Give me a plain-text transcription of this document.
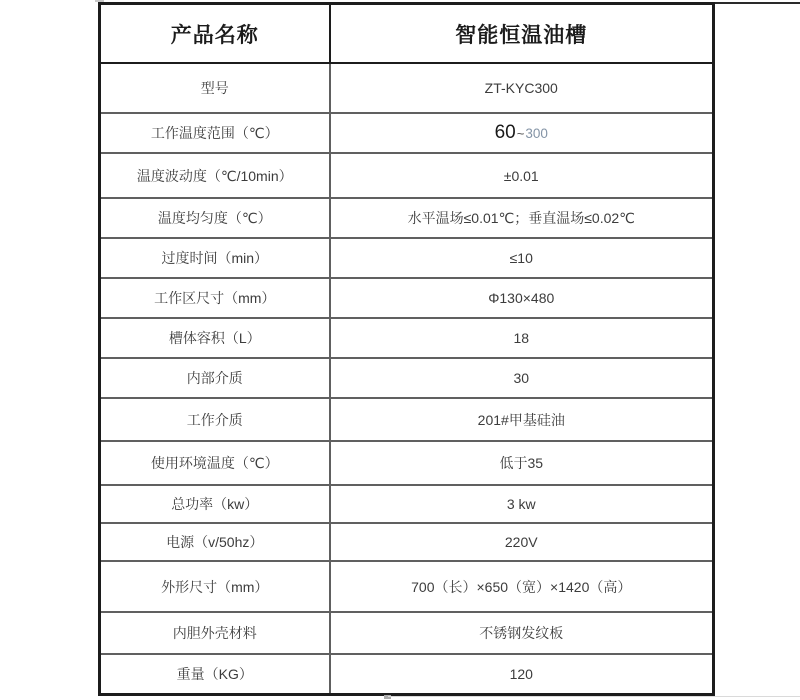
产品名称	智能恒温油槽
型号	ZT-KYC300
工作温度范围（℃）	60~300
温度波动度（℃/10min）	±0.01
温度均匀度（℃）	水平温场≤0.01℃；垂直温场≤0.02℃
过度时间（min）	≤10
工作区尺寸（mm）	Φ130×480
槽体容积（L）	18
内部介质	30
工作介质	201#甲基硅油
使用环境温度（℃）	低于35
总功率（kw）	3 kw
电源（v/50hz）	220V
外形尺寸（mm）	700（长）×650（宽）×1420（高）
内胆外壳材料	不锈钢发纹板
重量（KG）	120
